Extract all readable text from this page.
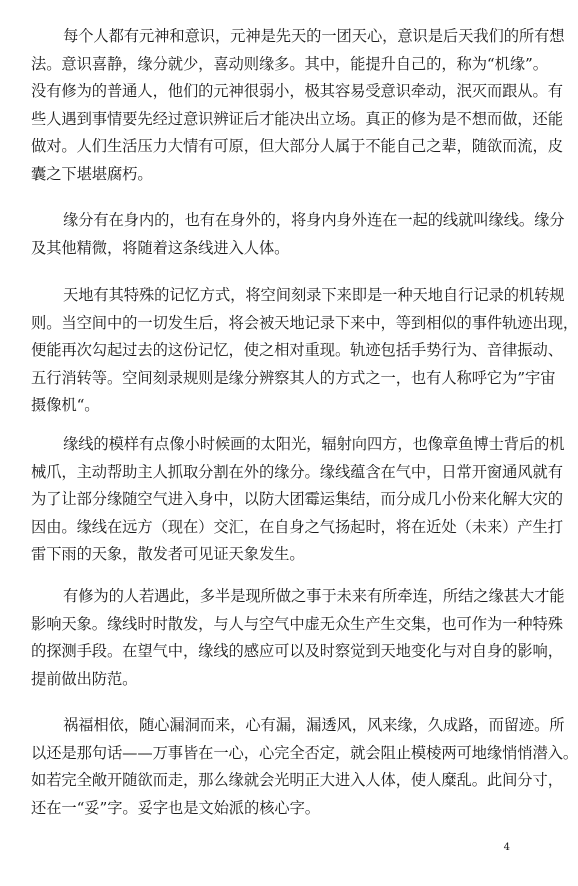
每个人都有元神和意识，元神是先天的一团天心，意识是后天我们的所有想
法。意识喜静，缘分就少，喜动则缘多。其中，能提升自己的，称为“机缘”。
没有修为的普通人，他们的元神很弱小，极其容易受意识牵动，泯灭而跟从。有
些人遇到事情要先经过意识辨证后才能决出立场。真正的修为是不想而做，还能
做对。人们生活压力大情有可原，但大部分人属于不能自己之辈，随欲而流，皮
囊之下堪堪腐朽。
缘分有在身内的，也有在身外的，将身内身外连在一起的线就叫缘线。缘分
及其他精微，将随着这条线进入人体。
天地有其特殊的记忆方式，将空间刻录下来即是一种天地自行记录的机转规
则。当空间中的一切发生后，将会被天地记录下来中，等到相似的事件轨迹出现，
便能再次勾起过去的这份记忆，使之相对重现。轨迹包括手势行为、音律振动、
五行消转等。空间刻录规则是缘分辨察其人的方式之一，也有人称呼它为”宇宙
摄像机“。
缘线的模样有点像小时候画的太阳光，辐射向四方，也像章鱼博士背后的机
械爪，主动帮助主人抓取分割在外的缘分。缘线蕴含在气中，日常开窗通风就有
为了让部分缘随空气进入身中，以防大团霉运集结，而分成几小份来化解大灾的
因由。缘线在远方（现在）交汇，在自身之气扬起时，将在近处（未来）产生打
雷下雨的天象，散发者可见证天象发生。
有修为的人若遇此，多半是现所做之事于未来有所牵连，所结之缘甚大才能
影响天象。缘线时时散发，与人与空气中虚无众生产生交集，也可作为一种特殊
的探测手段。在望气中，缘线的感应可以及时察觉到天地变化与对自身的影响，
提前做出防范。
祸福相依，随心漏洞而来，心有漏，漏透风，风来缘，久成路，而留迹。所
以还是那句话——万事皆在一心，心完全否定，就会阻止模棱两可地缘悄悄潜入。
如若完全敞开随欲而走，那么缘就会光明正大进入人体，使人糜乱。此间分寸，
还在一“妥”字。妥字也是文始派的核心字。
4
